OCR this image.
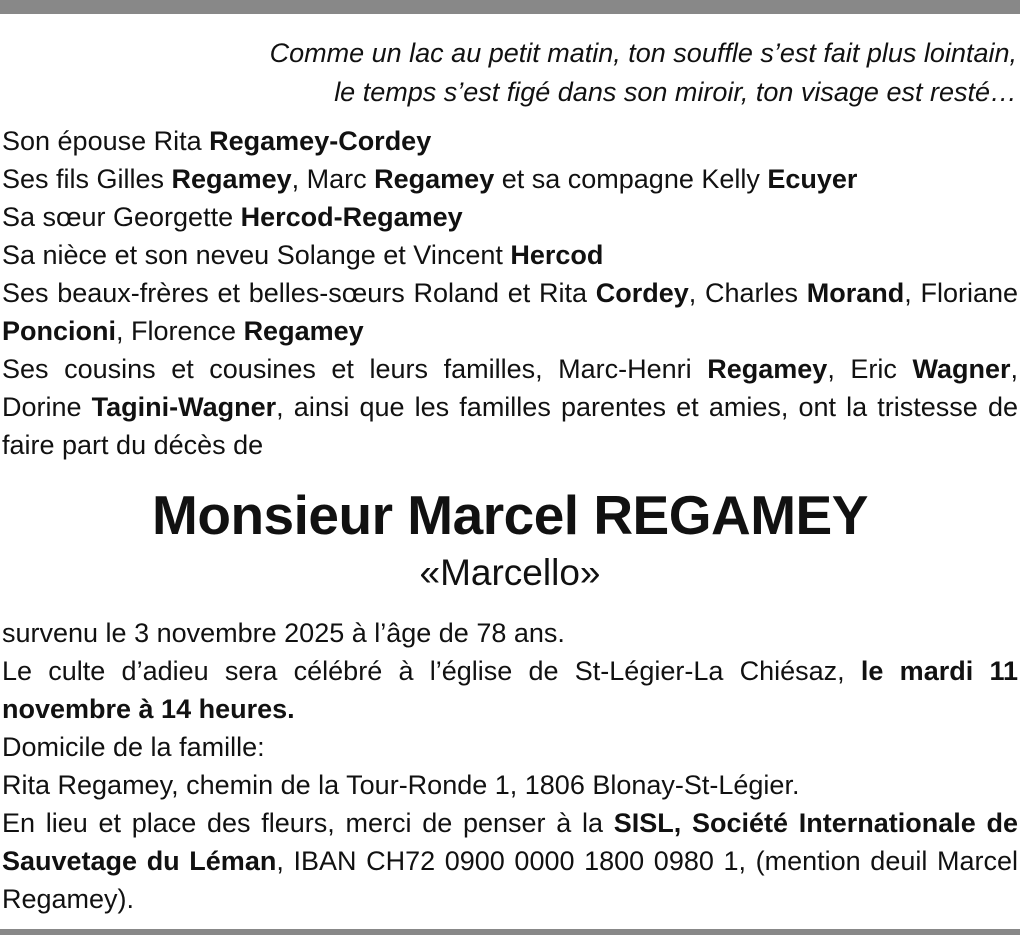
Comme un lac au petit matin, ton souffle s’est fait plus lointain,
le temps s’est figé dans son miroir, ton visage est resté…

Son épouse Rita Regamey-Cordey

Ses fils Gilles Regamey, Marc Regamey et sa compagne Kelly Ecuyer

Sa sœur Georgette Hercod-Regamey

Sa nièce et son neveu Solange et Vincent Hercod

Ses beaux-frères et belles-sœurs Roland et Rita Cordey, Charles Morand, Floriane Poncioni, Florence Regamey

Ses cousins et cousines et leurs familles, Marc-Henri Regamey, Eric Wagner, Dorine Tagini-Wagner, ainsi que les familles parentes et amies, ont la tristesse de faire part du décès de

Monsieur Marcel REGAMEY
«Marcello»

survenu le 3 novembre 2025 à l’âge de 78 ans.

Le culte d’adieu sera célébré à l’église de St-Légier-La Chiésaz, le mardi 11 novembre à 14 heures.

Domicile de la famille:

Rita Regamey, chemin de la Tour-Ronde 1, 1806 Blonay-St-Légier.

En lieu et place des fleurs, merci de penser à la SISL, Société Internationale de Sauvetage du Léman, IBAN CH72 0900 0000 1800 0980 1, (mention deuil Marcel Regamey).
